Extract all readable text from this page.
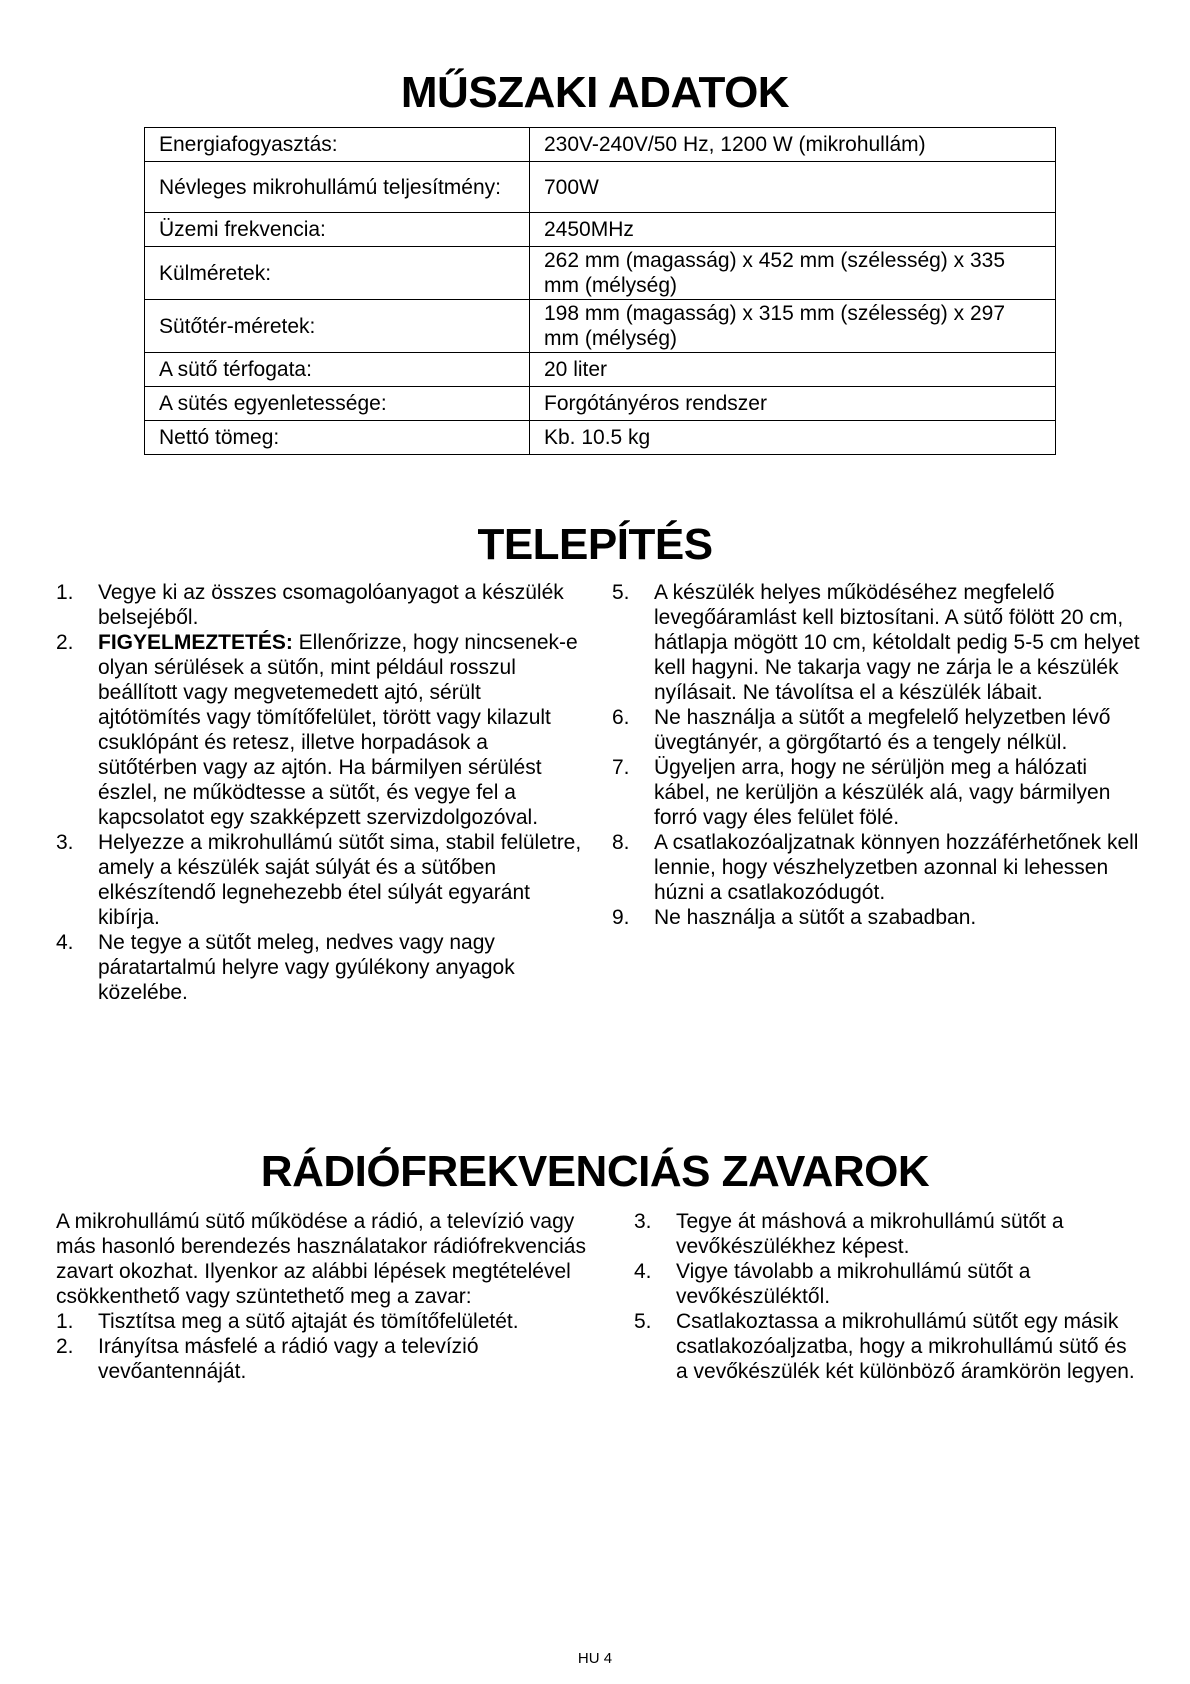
MŰSZAKI ADATOK
Energiafogyasztás:	230V-240V/50 Hz, 1200 W (mikrohullám)
Névleges mikrohullámú teljesítmény:	700W
Üzemi frekvencia:	2450MHz
Külméretek:	262 mm (magasság) x 452 mm (szélesség) x 335 mm (mélység)
Sütőtér-méretek:	198 mm (magasság) x 315 mm (szélesség) x 297 mm (mélység)
A sütő térfogata:	20 liter
A sütés egyenletessége:	Forgótányéros rendszer
Nettó tömeg:	Kb. 10.5 kg
TELEPÍTÉS
1. Vegye ki az összes csomagolóanyagot a készülék belsejéből.
2. FIGYELMEZTETÉS: Ellenőrizze, hogy nincsenek-e olyan sérülések a sütőn, mint például rosszul beállított vagy megvetemedett ajtó, sérült ajtótömítés vagy tömítőfelület, törött vagy kilazult csuklópánt és retesz, illetve horpadások a sütőtérben vagy az ajtón. Ha bármilyen sérülést észlel, ne működtesse a sütőt, és vegye fel a kapcsolatot egy szakképzett szervizdolgozóval.
3. Helyezze a mikrohullámú sütőt sima, stabil felületre, amely a készülék saját súlyát és a sütőben elkészítendő legnehezebb étel súlyát egyaránt kibírja.
4. Ne tegye a sütőt meleg, nedves vagy nagy páratartalmú helyre vagy gyúlékony anyagok közelébe.
5. A készülék helyes működéséhez megfelelő levegőáramlást kell biztosítani. A sütő fölött 20 cm, hátlapja mögött 10 cm, kétoldalt pedig 5-5 cm helyet kell hagyni. Ne takarja vagy ne zárja le a készülék nyílásait. Ne távolítsa el a készülék lábait.
6. Ne használja a sütőt a megfelelő helyzetben lévő üvegtányér, a görgőtartó és a tengely nélkül.
7. Ügyeljen arra, hogy ne sérüljön meg a hálózati kábel, ne kerüljön a készülék alá, vagy bármilyen forró vagy éles felület fölé.
8. A csatlakozóaljzatnak könnyen hozzáférhetőnek kell lennie, hogy vészhelyzetben azonnal ki lehessen húzni a csatlakozódugót.
9. Ne használja a sütőt a szabadban.
RÁDIÓFREKVENCIÁS ZAVAROK

A mikrohullámú sütő működése a rádió, a televízió vagy más hasonló berendezés használatakor rádiófrekvenciás zavart okozhat. Ilyenkor az alábbi lépések megtételével csökkenthető vagy szüntethető meg a zavar:

1. Tisztítsa meg a sütő ajtaját és tömítőfelületét.
2. Irányítsa másfelé a rádió vagy a televízió vevőantennáját.
3. Tegye át máshová a mikrohullámú sütőt a vevőkészülékhez képest.
4. Vigye távolabb a mikrohullámú sütőt a vevőkészüléktől.
5. Csatlakoztassa a mikrohullámú sütőt egy másik csatlakozóaljzatba, hogy a mikrohullámú sütő és a vevőkészülék két különböző áramkörön legyen.
HU 4
